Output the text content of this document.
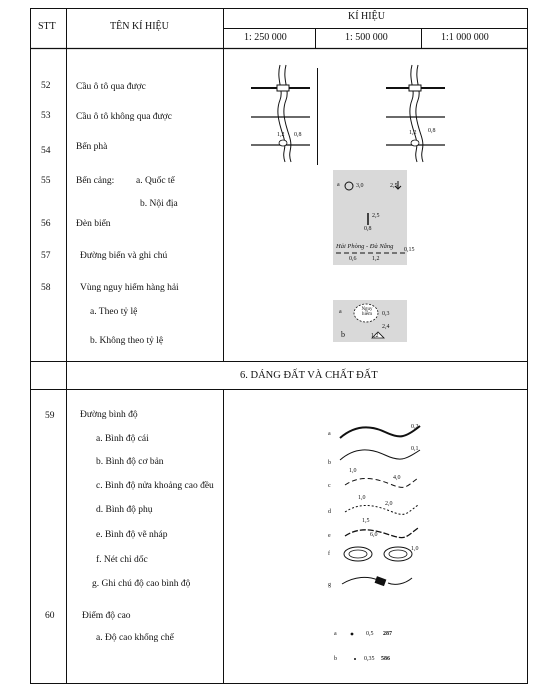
STT	TÊN KÍ HIỆU
KÍ HIỆU
1: 250 000	1: 500 000	1:1 000 000
52	Cầu ô tô qua được
53	Cầu ô tô không qua được
54	Bến phà
55	Bến cảng: a. Quốc tế
b. Nội địa
56	Đèn biển
57	Đường biển và ghi chú
58	Vùng nguy hiểm hàng hải
a. Theo tỷ lệ
b. Không theo tỷ lệ
6. DÁNG ĐẤT VÀ CHẤT ĐẤT
59	Đường bình độ
a. Bình độ cái
b. Bình độ cơ bản
c. Bình độ nửa khoảng cao đều
d. Bình độ phụ
e. Bình độ vẽ nháp
f. Nét chỉ dốc
g. Ghi chú độ cao bình độ
60	Điểm độ cao
a. Độ cao khống chế
1,2 0,8	1,2 0,8
a	3,0	2,5
2,5
0,8
Hải Phòng - Đà Nẵng 0,15
0,6	1,2
a	Nguy hiểm	0,3
b
2,4
1,2
a
0,2
b
0,1
c
1,0
4,0
d
1,0
2,0
e
1,5
6,0
f
1,0
g
a	0,5 287
b	0,35 586
